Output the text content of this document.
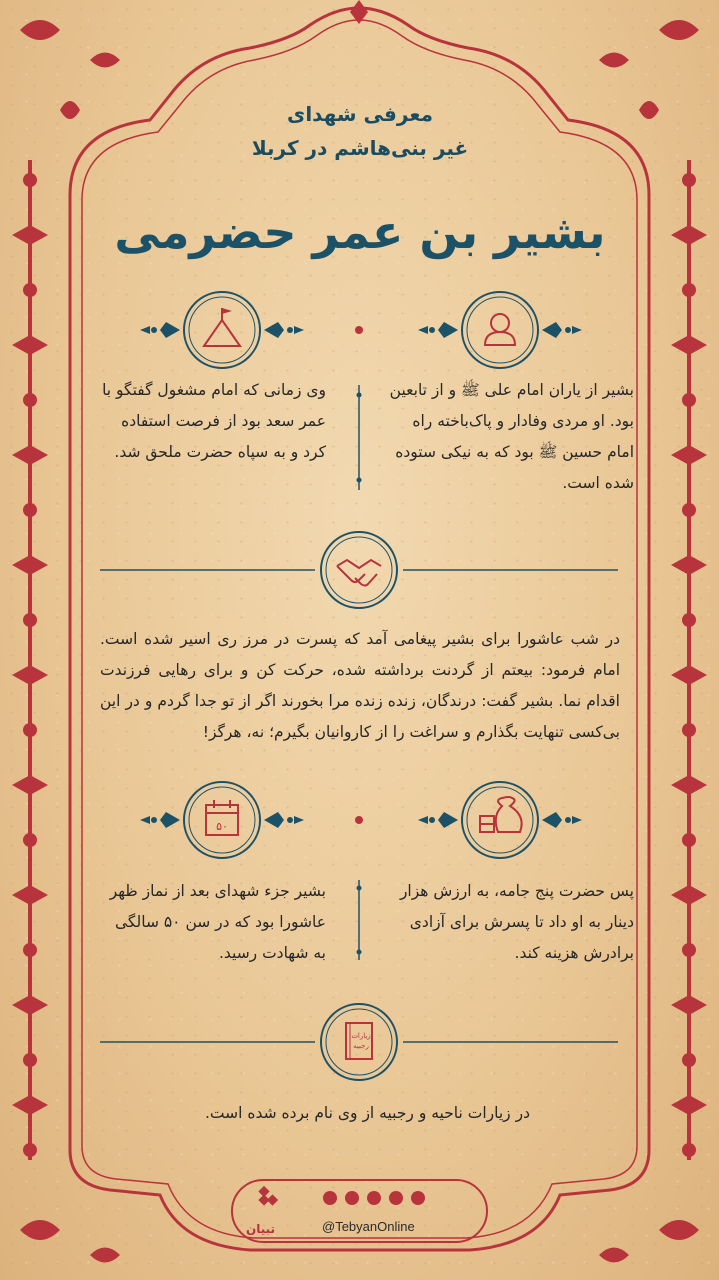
معرفی شهدای
غیر بنی‌هاشم در کربلا
بشیر بن عمر حضرمی
۵۰
زیارات
رجبیه
بشیر از یاران امام علی ﷺ و از تابعین بود. او مردی وفادار و پاک‌باخته راه امام حسین ﷺ بود که به نیکی ستوده شده است.
وی زمانی که امام مشغول گفتگو با عمر سعد بود از فرصت استفاده کرد و به سپاه حضرت ملحق شد.
در شب عاشورا برای بشیر پیغامی آمد که پسرت در مرز ری اسیر شده است. امام فرمود: بیعتم از گردنت برداشته شده، حرکت کن و برای رهایی فرزندت اقدام نما. بشیر گفت: درندگان، زنده زنده مرا بخورند اگر از تو جدا گردم و در این بی‌کسی تنهایت بگذارم و سراغت را از کاروانیان بگیرم؛ نه، هرگز!
پس حضرت پنج جامه، به ارزش هزار دینار به او داد تا پسرش برای آزادی برادرش هزینه کند.
بشیر جزء شهدای بعد از نماز ظهر عاشورا بود که در سن ۵۰ سالگی به شهادت رسید.
در زیارات ناحیه و رجبیه از وی نام برده شده است.
تبیان	@TebyanOnline
